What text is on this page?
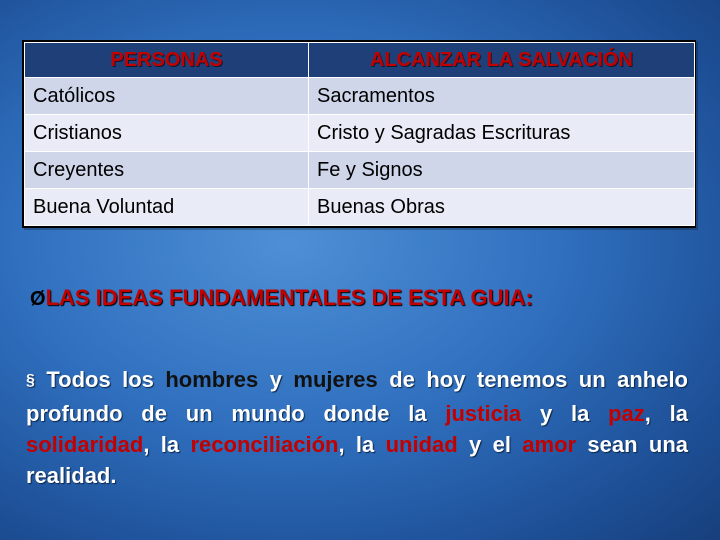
PERSONAS	ALCANZAR LA SALVACIÓN
Católicos	Sacramentos
Cristianos	Cristo y Sagradas Escrituras
Creyentes	Fe y Signos
Buena Voluntad	Buenas Obras
ØLAS IDEAS FUNDAMENTALES DE ESTA GUIA:
§ Todos los hombres y mujeres de hoy tenemos un anhelo profundo de un mundo donde la justicia y la paz, la solidaridad, la reconciliación, la unidad y el amor sean una realidad.
